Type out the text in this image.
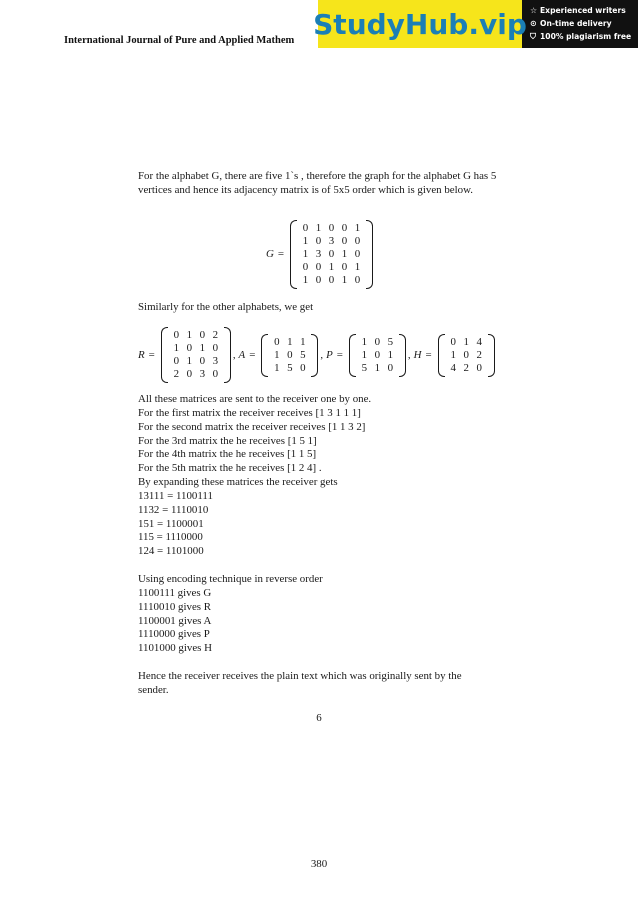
International Journal of Pure and Applied Mathem StudyHub.vip ☆ Experienced writers
⊙ On-time delivery
⛉ 100% plagiarism free

For the alphabet G, there are five 1`s , therefore the graph for the alphabet G has 5 vertices and hence its adjacency matrix is of 5x5 order which is given below.

G =
0 1 0 0 1
1 0 3 0 0
1 3 0 1 0
0 0 1 0 1
1 0 0 1 0
Similarly for the other alphabets, we get
R =
0 1 0 2
1 0 1 0
0 1 0 3
2 0 3 0
, A =
0 1 1
1 0 5
1 5 0
, P =
1 0 5
1 0 1
5 1 0
, H =
0 1 4
1 0 2
4 2 0
All these matrices are sent to the receiver one by one.
For the first matrix the receiver receives [1 3 1 1 1]
For the second matrix the receiver receives [1 1 3 2]
For the 3rd matrix the he receives [1 5 1]
For the 4th matrix the he receives [1 1 5]
For the 5th matrix the he receives [1 2 4] .
By expanding these matrices the receiver gets
13111 = 1100111
1132 = 1110010
151 = 1100001
115 = 1110000
124 = 1101000
Using encoding technique in reverse order
1100111 gives G
1110010 gives R
1100001 gives A
1110000 gives P
1101000 gives H
Hence the receiver receives the plain text which was originally sent by the
sender.
6
380
